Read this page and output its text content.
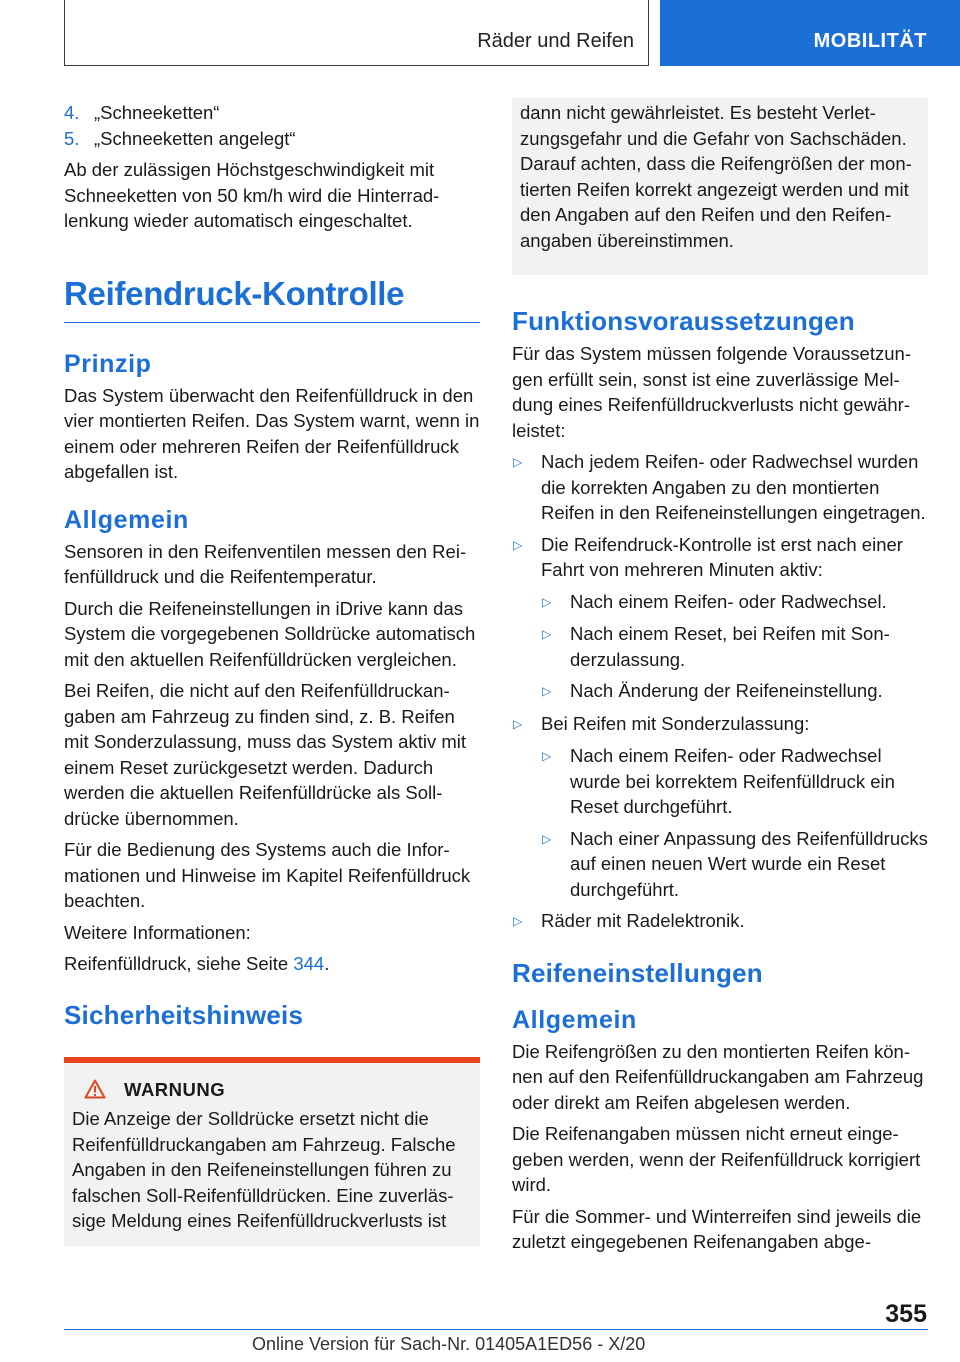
Räder und Reifen	MOBILITÄT
4. „Schneeketten“
5. „Schneeketten angelegt“

Ab der zulässigen Höchstgeschwindigkeit mit Schneeketten von 50 km/h wird die Hinterradlenkung wieder automatisch eingeschaltet.

Reifendruck-Kontrolle
Prinzip

Das System überwacht den Reifenfülldruck in den vier montierten Reifen. Das System warnt, wenn in einem oder mehreren Reifen der Reifenfülldruck abgefallen ist.

Allgemein

Sensoren in den Reifenventilen messen den Reifenfülldruck und die Reifentemperatur.

Durch die Reifeneinstellungen in iDrive kann das System die vorgegebenen Solldrücke automatisch mit den aktuellen Reifenfülldrücken vergleichen.

Bei Reifen, die nicht auf den Reifenfülldruckangaben am Fahrzeug zu finden sind, z. B. Reifen mit Sonderzulassung, muss das System aktiv mit einem Reset zurückgesetzt werden. Dadurch werden die aktuellen Reifenfülldrücke als Solldrücke übernommen.

Für die Bedienung des Systems auch die Informationen und Hinweise im Kapitel Reifenfülldruck beachten.

Weitere Informationen:

Reifenfülldruck, siehe Seite 344.

Sicherheitshinweis
WARNUNG

Die Anzeige der Solldrücke ersetzt nicht die Reifenfülldruckangaben am Fahrzeug. Falsche Angaben in den Reifeneinstellungen führen zu falschen Soll-Reifenfülldrücken. Eine zuverlässige Meldung eines Reifenfülldruckverlusts ist

dann nicht gewährleistet. Es besteht Verletzungsgefahr und die Gefahr von Sachschäden. Darauf achten, dass die Reifengrößen der montierten Reifen korrekt angezeigt werden und mit den Angaben auf den Reifen und den Reifenangaben übereinstimmen.

Funktionsvoraussetzungen

Für das System müssen folgende Voraussetzungen erfüllt sein, sonst ist eine zuverlässige Meldung eines Reifenfülldruckverlusts nicht gewährleistet:

▷	Nach jedem Reifen- oder Radwechsel wurden die korrekten Angaben zu den montierten Reifen in den Reifeneinstellungen eingetragen.
▷	Die Reifendruck-Kontrolle ist erst nach einer Fahrt von mehreren Minuten aktiv:
▷	Nach einem Reifen- oder Radwechsel.
▷	Nach einem Reset, bei Reifen mit Sonderzulassung.
▷	Nach Änderung der Reifeneinstellung.
▷	Bei Reifen mit Sonderzulassung:
▷	Nach einem Reifen- oder Radwechsel wurde bei korrektem Reifenfülldruck ein Reset durchgeführt.
▷	Nach einer Anpassung des Reifenfülldrucks auf einen neuen Wert wurde ein Reset durchgeführt.
▷	Räder mit Radelektronik.
Reifeneinstellungen
Allgemein

Die Reifengrößen zu den montierten Reifen können auf den Reifenfülldruckangaben am Fahrzeug oder direkt am Reifen abgelesen werden.

Die Reifenangaben müssen nicht erneut eingegeben werden, wenn der Reifenfülldruck korrigiert wird.

Für die Sommer- und Winterreifen sind jeweils die zuletzt eingegebenen Reifenangaben abge-

355
Online Version für Sach-Nr. 01405A1ED56 - X/20
